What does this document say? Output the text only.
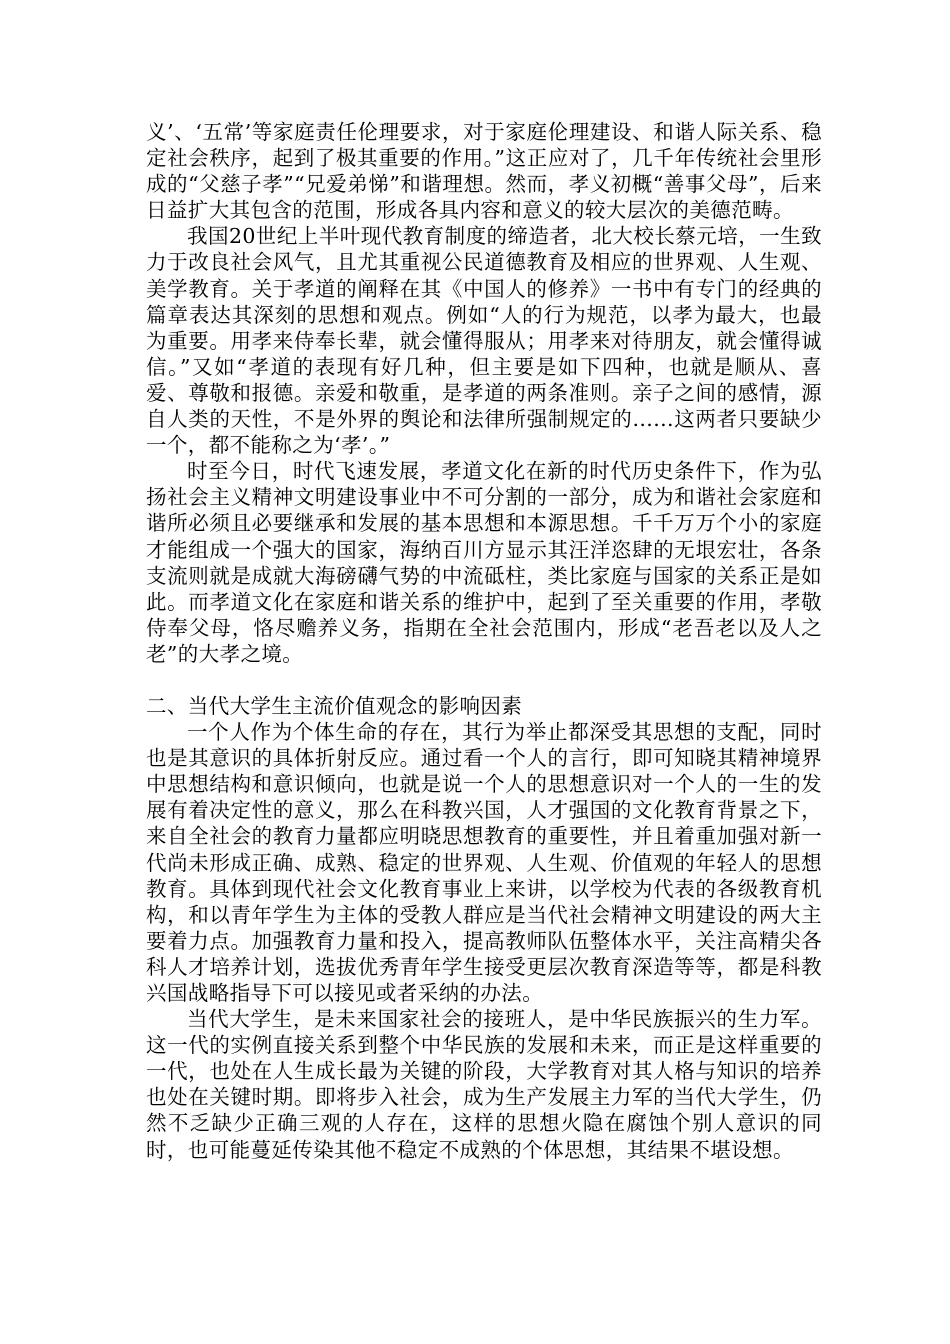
义’、‘五常’等家庭责任伦理要求，对于家庭伦理建设、和谐人际关系、稳定社会秩序，起到了极其重要的作用。”这正应对了，几千年传统社会里形成的“父慈子孝”“兄爱弟悌”和谐理想。然而，孝义初概“善事父母”，后来日益扩大其包含的范围，形成各具内容和意义的较大层次的美德范畴。

我国20世纪上半叶现代教育制度的缔造者，北大校长蔡元培，一生致力于改良社会风气，且尤其重视公民道德教育及相应的世界观、人生观、美学教育。关于孝道的阐释在其《中国人的修养》一书中有专门的经典的篇章表达其深刻的思想和观点。例如“人的行为规范，以孝为最大，也最为重要。用孝来侍奉长辈，就会懂得服从；用孝来对待朋友，就会懂得诚信。”又如“孝道的表现有好几种，但主要是如下四种，也就是顺从、喜爱、尊敬和报德。亲爱和敬重，是孝道的两条准则。亲子之间的感情，源自人类的天性，不是外界的舆论和法律所强制规定的......这两者只要缺少一个，都不能称之为‘孝’。”

时至今日，时代飞速发展，孝道文化在新的时代历史条件下，作为弘扬社会主义精神文明建设事业中不可分割的一部分，成为和谐社会家庭和谐所必须且必要继承和发展的基本思想和本源思想。千千万万个小的家庭才能组成一个强大的国家，海纳百川方显示其汪洋恣肆的无垠宏壮，各条支流则就是成就大海磅礴气势的中流砥柱，类比家庭与国家的关系正是如此。而孝道文化在家庭和谐关系的维护中，起到了至关重要的作用，孝敬侍奉父母，恪尽赡养义务，指期在全社会范围内，形成“老吾老以及人之老”的大孝之境。

二、当代大学生主流价值观念的影响因素

一个人作为个体生命的存在，其行为举止都深受其思想的支配，同时也是其意识的具体折射反应。通过看一个人的言行，即可知晓其精神境界中思想结构和意识倾向，也就是说一个人的思想意识对一个人的一生的发展有着决定性的意义，那么在科教兴国，人才强国的文化教育背景之下，来自全社会的教育力量都应明晓思想教育的重要性，并且着重加强对新一代尚未形成正确、成熟、稳定的世界观、人生观、价值观的年轻人的思想教育。具体到现代社会文化教育事业上来讲，以学校为代表的各级教育机构，和以青年学生为主体的受教人群应是当代社会精神文明建设的两大主要着力点。加强教育力量和投入，提高教师队伍整体水平，关注高精尖各科人才培养计划，选拔优秀青年学生接受更层次教育深造等等，都是科教兴国战略指导下可以接见或者采纳的办法。

当代大学生，是未来国家社会的接班人，是中华民族振兴的生力军。这一代的实例直接关系到整个中华民族的发展和未来，而正是这样重要的一代，也处在人生成长最为关键的阶段，大学教育对其人格与知识的培养也处在关键时期。即将步入社会，成为生产发展主力军的当代大学生，仍然不乏缺少正确三观的人存在，这样的思想火隐在腐蚀个别人意识的同时，也可能蔓延传染其他不稳定不成熟的个体思想，其结果不堪设想。
